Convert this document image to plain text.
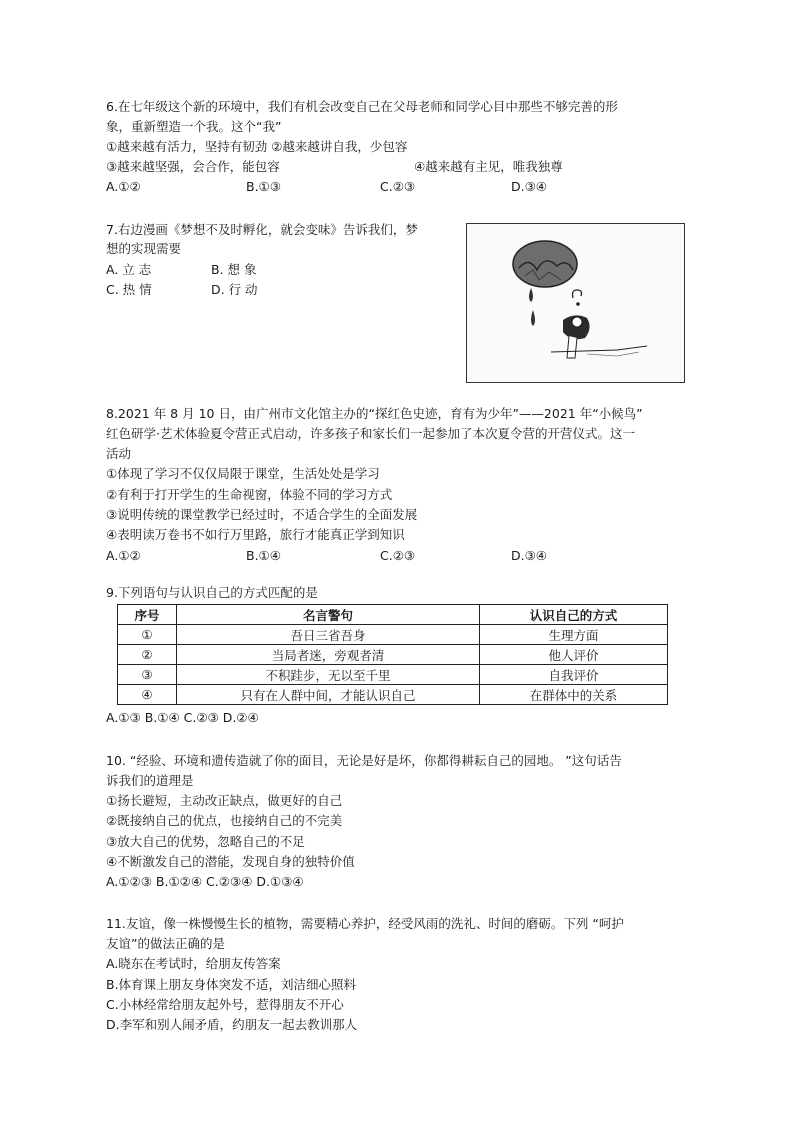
6.在七年级这个新的环境中，我们有机会改变自己在父母老师和同学心目中那些不够完善的形
象，重新塑造一个我。这个“我”
①越来越有活力，坚持有韧劲 ②越来越讲自我，少包容
③越来越坚强，会合作，能包容	④越来越有主见，唯我独尊
A.①②	B.①③	C.②③	D.③④
7.右边漫画《梦想不及时孵化，就会变味》告诉我们，梦
想的实现需要
A. 立 志	B. 想 象
C. 热 情	D. 行 动
8.2021 年 8 月 10 日，由广州市文化馆主办的“探红色史迹，育有为少年”——2021 年“小候鸟”
红色研学·艺术体验夏令营正式启动，许多孩子和家长们一起参加了本次夏令营的开营仪式。这一
活动
①体现了学习不仅仅局限于课堂，生活处处是学习
②有利于打开学生的生命视窗，体验不同的学习方式
③说明传统的课堂教学已经过时，不适合学生的全面发展
④表明读万卷书不如行万里路，旅行才能真正学到知识
A.①②	B.①④	C.②③	D.③④
9.下列语句与认识自己的方式匹配的是
序号	名言警句	认识自己的方式
①	吾日三省吾身	生理方面
②	当局者迷，旁观者清	他人评价
③	不积跬步，无以至千里	自我评价
④	只有在人群中间，才能认识自己	在群体中的关系
A.①③ B.①④ C.②③ D.②④
10. “经验、环境和遗传造就了你的面目，无论是好是坏，你都得耕耘自己的园地。 ”这句话告
诉我们的道理是
①扬长避短，主动改正缺点，做更好的自己
②既接纳自己的优点，也接纳自己的不完美
③放大自己的优势，忽略自己的不足
④不断激发自己的潜能，发现自身的独特价值
A.①②③ B.①②④ C.②③④ D.①③④
11.友谊，像一株慢慢生长的植物，需要精心养护，经受风雨的洗礼、时间的磨砺。下列 “呵护
友谊”的做法正确的是
A.晓东在考试时，给朋友传答案
B.体育课上朋友身体突发不适，刘洁细心照料
C.小林经常给朋友起外号，惹得朋友不开心
D.李军和别人闹矛盾，约朋友一起去教训那人
